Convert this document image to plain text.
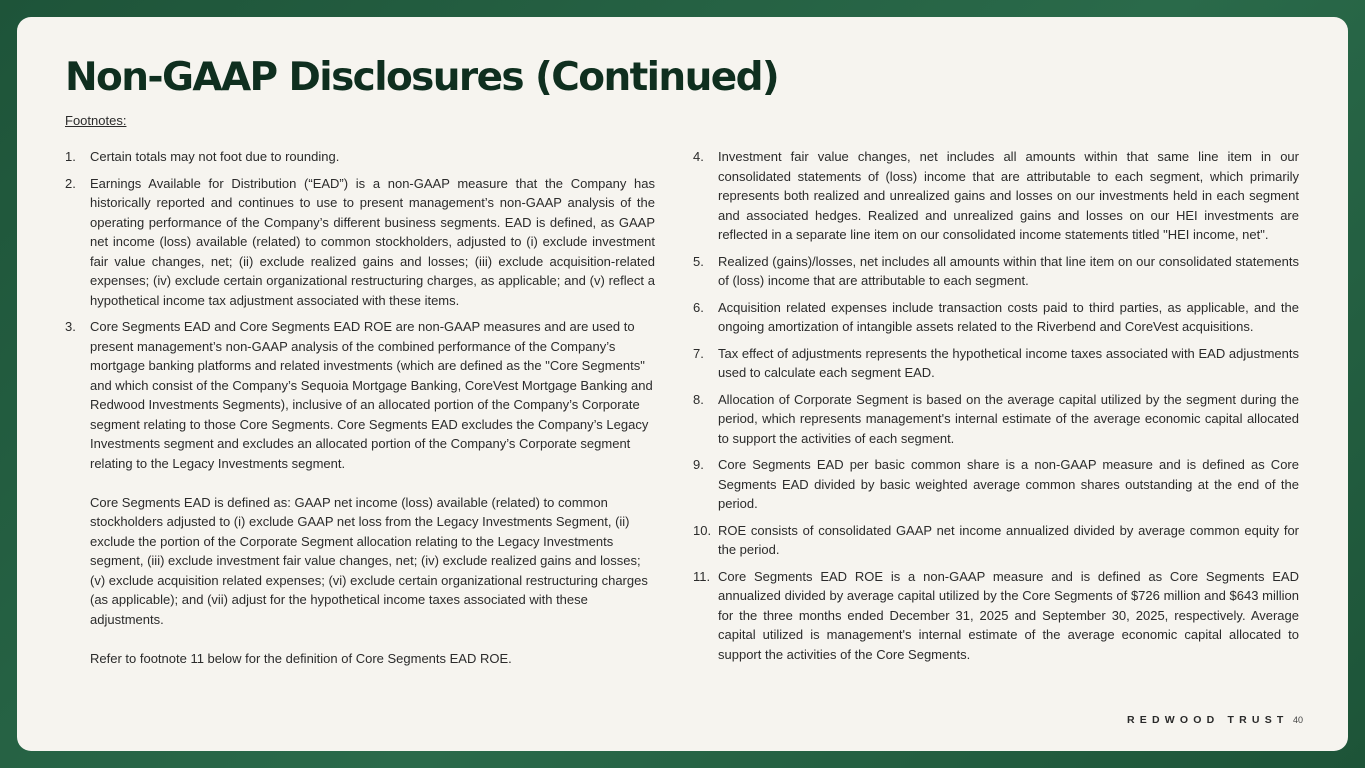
Non-GAAP Disclosures (Continued)
Footnotes:
1. Certain totals may not foot due to rounding.
2. Earnings Available for Distribution (“EAD”) is a non-GAAP measure that the Company has historically reported and continues to use to present management’s non-GAAP analysis of the operating performance of the Company’s different business segments. EAD is defined, as GAAP net income (loss) available (related) to common stockholders, adjusted to (i) exclude investment fair value changes, net; (ii) exclude realized gains and losses; (iii) exclude acquisition-related expenses; (iv) exclude certain organizational restructuring charges, as applicable; and (v) reflect a hypothetical income tax adjustment associated with these items.
3. Core Segments EAD and Core Segments EAD ROE are non-GAAP measures and are used to present management’s non-GAAP analysis of the combined performance of the Company’s mortgage banking platforms and related investments (which are defined as the "Core Segments" and which consist of the Company’s Sequoia Mortgage Banking, CoreVest Mortgage Banking and Redwood Investments Segments), inclusive of an allocated portion of the Company’s Corporate segment relating to those Core Segments. Core Segments EAD excludes the Company’s Legacy Investments segment and excludes an allocated portion of the Company’s Corporate segment relating to the Legacy Investments segment.
Core Segments EAD is defined as: GAAP net income (loss) available (related) to common stockholders adjusted to (i) exclude GAAP net loss from the Legacy Investments Segment, (ii) exclude the portion of the Corporate Segment allocation relating to the Legacy Investments segment, (iii) exclude investment fair value changes, net; (iv) exclude realized gains and losses; (v) exclude acquisition related expenses; (vi) exclude certain organizational restructuring charges (as applicable); and (vii) adjust for the hypothetical income taxes associated with these adjustments.
Refer to footnote 11 below for the definition of Core Segments EAD ROE.
4. Investment fair value changes, net includes all amounts within that same line item in our consolidated statements of (loss) income that are attributable to each segment, which primarily represents both realized and unrealized gains and losses on our investments held in each segment and associated hedges. Realized and unrealized gains and losses on our HEI investments are reflected in a separate line item on our consolidated income statements titled "HEI income, net".
5. Realized (gains)/losses, net includes all amounts within that line item on our consolidated statements of (loss) income that are attributable to each segment.
6. Acquisition related expenses include transaction costs paid to third parties, as applicable, and the ongoing amortization of intangible assets related to the Riverbend and CoreVest acquisitions.
7. Tax effect of adjustments represents the hypothetical income taxes associated with EAD adjustments used to calculate each segment EAD.
8. Allocation of Corporate Segment is based on the average capital utilized by the segment during the period, which represents management's internal estimate of the average economic capital allocated to support the activities of each segment.
9. Core Segments EAD per basic common share is a non-GAAP measure and is defined as Core Segments EAD divided by basic weighted average common shares outstanding at the end of the period.
10. ROE consists of consolidated GAAP net income annualized divided by average common equity for the period.
11. Core Segments EAD ROE is a non-GAAP measure and is defined as Core Segments EAD annualized divided by average capital utilized by the Core Segments of $726 million and $643 million for the three months ended December 31, 2025 and September 30, 2025, respectively. Average capital utilized is management's internal estimate of the average economic capital allocated to support the activities of the Core Segments.
REDWOOD TRUST 40
